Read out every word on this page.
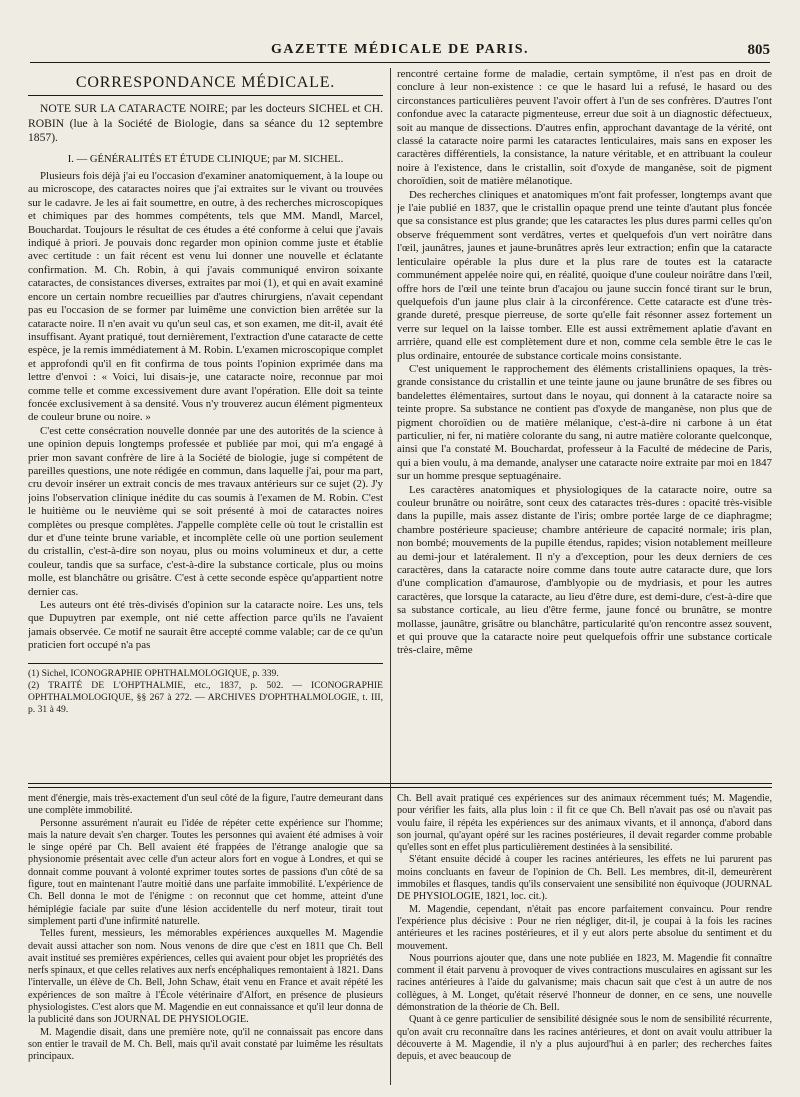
GAZETTE MÉDICALE DE PARIS.	805
CORRESPONDANCE MÉDICALE.

NOTE SUR LA CATARACTE NOIRE; par les docteurs SICHEL et CH. ROBIN (lue à la Société de Biologie, dans sa séance du 12 septembre 1857).

I. — GÉNÉRALITÉS ET ÉTUDE CLINIQUE; par M. SICHEL.

Plusieurs fois déjà j'ai eu l'occasion d'examiner anatomiquement, à la loupe ou au microscope, des cataractes noires que j'ai extraites sur le vivant ou trouvées sur le cadavre. Je les ai fait soumettre, en outre, à des recherches microscopiques et chimiques par des hommes compétents, tels que MM. Mandl, Marcel, Bouchardat. Toujours le résultat de ces études a été conforme à celui que j'avais indiqué à priori. Je pouvais donc regarder mon opinion comme juste et établie avec certitude : un fait récent est venu lui donner une nouvelle et éclatante confirmation. M. Ch. Robin, à qui j'avais communiqué environ soixante cataractes, de consistances diverses, extraites par moi (1), et qui en avait examiné encore un certain nombre recueillies par d'autres chirurgiens, n'avait cependant pas eu l'occasion de se former par luimême une conviction bien arrêtée sur la cataracte noire. Il n'en avait vu qu'un seul cas, et son examen, me dit-il, avait été insuffisant. Ayant pratiqué, tout dernièrement, l'extraction d'une cataracte de cette espèce, je la remis immédiatement à M. Robin. L'examen microscopique complet et approfondi qu'il en fit confirma de tous points l'opinion exprimée dans ma lettre d'envoi : « Voici, lui disais-je, une cataracte noire, reconnue par moi comme telle et comme excessivement dure avant l'opération. Elle doit sa teinte foncée exclusivement à sa densité. Vous n'y trouverez aucun élément pigmenteux de couleur brune ou noire. »

C'est cette consécration nouvelle donnée par une des autorités de la science à une opinion depuis longtemps professée et publiée par moi, qui m'a engagé à prier mon savant confrère de lire à la Société de biologie, juge si compétent de pareilles questions, une note rédigée en commun, dans laquelle j'ai, pour ma part, cru devoir insérer un extrait concis de mes travaux antérieurs sur ce sujet (2). J'y joins l'observation clinique inédite du cas soumis à l'examen de M. Robin. C'est le huitième ou le neuvième qui se soit présenté à moi de cataractes noires complètes ou presque complètes. J'appelle complète celle où tout le cristallin est dur et d'une teinte brune variable, et incomplète celle où une portion seulement du cristallin, c'est-à-dire son noyau, plus ou moins volumineux et dur, a cette couleur, tandis que sa surface, c'est-à-dire la substance corticale, plus ou moins molle, est blanchâtre ou grisâtre. C'est à cette seconde espèce qu'appartient notre dernier cas.

Les auteurs ont été très-divisés d'opinion sur la cataracte noire. Les uns, tels que Dupuytren par exemple, ont nié cette affection parce qu'ils ne l'avaient jamais observée. Ce motif ne saurait être accepté comme valable; car de ce qu'un praticien fort occupé n'a pas

(1) Sichel, ICONOGRAPHIE OPHTHALMOLOGIQUE, p. 339.

(2) TRAITÉ DE L'OHPTHALMIE, etc., 1837, p. 502. — ICONOGRAPHIE OPHTHALMOLOGIQUE, §§ 267 à 272. — ARCHIVES D'OPHTHALMOLOGIE, t. III, p. 31 à 49.

rencontré certaine forme de maladie, certain symptôme, il n'est pas en droit de conclure à leur non-existence : ce que le hasard lui a refusé, le hasard ou des circonstances particulières peuvent l'avoir offert à l'un de ses confrères. D'autres l'ont confondue avec la cataracte pigmenteuse, erreur due soit à un diagnostic défectueux, soit au manque de dissections. D'autres enfin, approchant davantage de la vérité, ont classé la cataracte noire parmi les cataractes lenticulaires, mais sans en exposer les caractères différentiels, la consistance, la nature véritable, et en attribuant la couleur noire à l'existence, dans le cristallin, soit d'oxyde de manganèse, soit de pigment choroïdien, soit de matière mélanotique.

Des recherches cliniques et anatomiques m'ont fait professer, longtemps avant que je l'aie publié en 1837, que le cristallin opaque prend une teinte d'autant plus foncée que sa consistance est plus grande; que les cataractes les plus dures parmi celles qu'on observe fréquemment sont verdâtres, vertes et quelquefois d'un vert noirâtre dans l'œil, jaunâtres, jaunes et jaune-brunâtres après leur extraction; enfin que la cataracte lenticulaire opérable la plus dure et la plus rare de toutes est la cataracte communément appelée noire qui, en réalité, quoique d'une couleur noirâtre dans l'œil, offre hors de l'œil une teinte brun d'acajou ou jaune succin foncé tirant sur le brun, quelquefois d'un jaune plus clair à la circonférence. Cette cataracte est d'une très-grande dureté, presque pierreuse, de sorte qu'elle fait résonner assez fortement un verre sur lequel on la laisse tomber. Elle est aussi extrêmement aplatie d'avant en arrrière, quand elle est complètement dure et non, comme cela semble être le cas le plus ordinaire, entourée de substance corticale moins consistante.

C'est uniquement le rapprochement des éléments cristalliniens opaques, la très-grande consistance du cristallin et une teinte jaune ou jaune brunâtre de ses fibres ou bandelettes élémentaires, surtout dans le noyau, qui donnent à la cataracte noire sa teinte propre. Sa substance ne contient pas d'oxyde de manganèse, non plus que de pigment choroïdien ou de matière mélanique, c'est-à-dire ni carbone à un état particulier, ni fer, ni matière colorante du sang, ni autre matière colorante quelconque, ainsi que l'a constaté M. Bouchardat, professeur à la Faculté de médecine de Paris, qui a bien voulu, à ma demande, analyser une cataracte noire extraite par moi en 1847 sur un homme presque septuagénaire.

Les caractères anatomiques et physiologiques de la cataracte noire, outre sa couleur brunâtre ou noirâtre, sont ceux des cataractes très-dures : opacité très-visible dans la pupille, mais assez distante de l'iris; ombre portée large de ce diaphragme; chambre postérieure spacieuse; chambre antérieure de capacité normale; iris plan, non bombé; mouvements de la pupille étendus, rapides; vision notablement meilleure au demi-jour et latéralement. Il n'y a d'exception, pour les deux derniers de ces caractères, dans la cataracte noire comme dans toute autre cataracte dure, que lors d'une complication d'amaurose, d'amblyopie ou de mydriasis, et pour les autres caractères, que lorsque la cataracte, au lieu d'être dure, est demi-dure, c'est-à-dire que sa substance corticale, au lieu d'être ferme, jaune foncé ou brunâtre, se montre mollasse, jaunâtre, grisâtre ou blanchâtre, particularité qu'on rencontre assez souvent, et qui prouve que la cataracte noire peut quelquefois offrir une substance corticale très-claire, même

ment d'énergie, mais très-exactement d'un seul côté de la figure, l'autre demeurant dans une complète immobilité.

Personne assurément n'aurait eu l'idée de répéter cette expérience sur l'homme; mais la nature devait s'en charger. Toutes les personnes qui avaient été admises à voir le singe opéré par Ch. Bell avaient été frappées de l'étrange analogie que sa physionomie présentait avec celle d'un acteur alors fort en vogue à Londres, et qui se donnait comme pouvant à volonté exprimer toutes sortes de passions d'un côté de sa figure, tout en maintenant l'autre moitié dans une parfaite immobilité. L'expérience de Ch. Bell donna le mot de l'énigme : on reconnut que cet homme, atteint d'une hémiplégie faciale par suite d'une lésion accidentelle du nerf moteur, tirait tout simplement parti d'une infirmité naturelle.

Telles furent, messieurs, les mémorables expériences auxquelles M. Magendie devait aussi attacher son nom. Nous venons de dire que c'est en 1811 que Ch. Bell avait institué ses premières expériences, celles qui avaient pour objet les propriétés des nerfs spinaux, et que celles relatives aux nerfs encéphaliques remontaient à 1821. Dans l'intervalle, un élève de Ch. Bell, John Schaw, était venu en France et avait répété les expériences de son maître à l'École vétérinaire d'Alfort, en présence de plusieurs physiologistes. C'est alors que M. Magendie en eut connaissance et qu'il leur donna de la publicité dans son JOURNAL DE PHYSIOLOGIE.

M. Magendie disait, dans une première note, qu'il ne connaissait pas encore dans son entier le travail de M. Ch. Bell, mais qu'il avait constaté par luimême les résultats principaux.

Ch. Bell avait pratiqué ces expériences sur des animaux récemment tués; M. Magendie, pour vérifier les faits, alla plus loin : il fit ce que Ch. Bell n'avait pas osé ou n'avait pas voulu faire, il répéta les expériences sur des animaux vivants, et il annonça, d'abord dans son journal, qu'ayant opéré sur les racines postérieures, il devait regarder comme probable qu'elles sont en effet plus particulièrement destinées à la sensibilité.

S'étant ensuite décidé à couper les racines antérieures, les effets ne lui parurent pas moins concluants en faveur de l'opinion de Ch. Bell. Les membres, dit-il, demeurèrent immobiles et flasques, tandis qu'ils conservaient une sensibilité non équivoque (JOURNAL DE PHYSIOLOGIE, 1821, loc. cit.).

M. Magendie, cependant, n'était pas encore parfaitement convaincu. Pour rendre l'expérience plus décisive : Pour ne rien négliger, dit-il, je coupai à la fois les racines antérieures et les racines postérieures, et il y eut alors perte absolue du sentiment et du mouvement.

Nous pourrions ajouter que, dans une note publiée en 1823, M. Magendie fit connaître comment il était parvenu à provoquer de vives contractions musculaires en agissant sur les racines antérieures à l'aide du galvanisme; mais chacun sait que c'est à un autre de nos collègues, à M. Longet, qu'était réservé l'honneur de donner, en ce sens, une nouvelle démonstration de la théorie de Ch. Bell.

Quant à ce genre particulier de sensibilité désignée sous le nom de sensibilité récurrente, qu'on avait cru reconnaître dans les racines antérieures, et dont on avait voulu attribuer la découverte à M. Magendie, il n'y a plus aujourd'hui à en parler; des recherches faites depuis, et avec beaucoup de
